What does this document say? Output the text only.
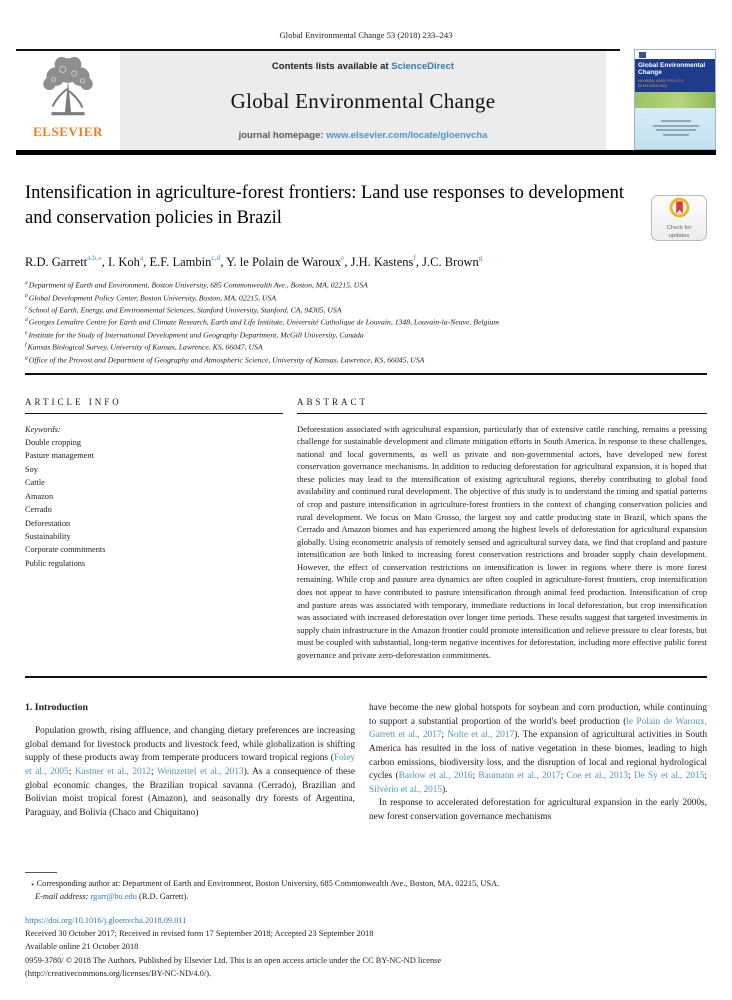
Global Environmental Change 53 (2018) 233–243
ELSEVIER
Contents lists available at ScienceDirect
Global Environmental Change
journal homepage: www.elsevier.com/locate/gloenvcha
Global Environmental Change
HUMAN AND POLICY DIMENSIONS
Intensification in agriculture-forest frontiers: Land use responses to development and conservation policies in Brazil
Check for
updates
R.D. Garrett$^{a,b,⁎}$, I. Koh$^a$, E.F. Lambin$^{c,d}$, Y. le Polain de Waroux$^e$, J.H. Kastens$^f$, J.C. Brown$^g$
$^a$Department of Earth and Environment, Boston University, 685 Commonwealth Ave., Boston, MA, 02215, USA
$^b$Global Development Policy Center, Boston University, Boston, MA, 02215, USA
$^c$School of Earth, Energy, and Environmental Sciences, Stanford University, Stanford, CA, 94305, USA
$^d$Georges Lemaître Centre for Earth and Climate Research, Earth and Life Institute, Université Catholique de Louvain, 1348, Louvain-la-Neuve, Belgium
$^e$Institute for the Study of International Development and Geography Department, McGill University, Canada
$^f$Kansas Biological Survey, University of Kansas, Lawrence, KS, 66047, USA
$^g$Office of the Provost and Department of Geography and Atmospheric Science, University of Kansas, Lawrence, KS, 66045, USA
ARTICLE INFO
Keywords:
Double cropping
Pasture management
Soy
Cattle
Amazon
Cerrado
Deforestation
Sustainability
Corporate commitments
Public regulations
ABSTRACT
Deforestation associated with agricultural expansion, particularly that of extensive cattle ranching, remains a pressing challenge for sustainable development and climate mitigation efforts in South America. In response to these challenges, national and local governments, as well as private and non-governmental actors, have developed new forest conservation governance mechanisms. In addition to reducing deforestation for agricultural expansion, it is hoped that these policies may lead to the intensification of existing agricultural regions, thereby contributing to global food availability and continued rural development. The objective of this study is to understand the timing and spatial patterns of crop and pasture intensification in agriculture-forest frontiers in the context of changing conservation policies and rural development. We focus on Mato Grosso, the largest soy and cattle producing state in Brazil, which spans the Cerrado and Amazon biomes and has experienced among the highest levels of deforestation for agricultural expansion globally. Using econometric analysis of remotely sensed and agricultural survey data, we find that cropland and pasture intensification are both linked to increasing forest conservation restrictions and broader supply chain development. However, the effect of conservation restrictions on intensification is lower in regions where there is more forest remaining. While crop and pasture area dynamics are often coupled in agriculture-forest frontiers, crop intensification does not appear to have contributed to pasture intensification through animal feed production. Intensification of crop and pasture areas was associated with temporary, immediate reductions in local deforestation, but crop intensification was associated with increased deforestation over longer time periods. These results suggest that targeted investments in supply chain infrastructure in the Amazon frontier could promote intensification and relieve pressure to clear forests, but must be coupled with substantial, long-term negative incentives for deforestation, including more effective public forest governance and private zero-deforestation commitments.
1. Introduction

Population growth, rising affluence, and changing dietary preferences are increasing global demand for livestock products and livestock feed, while globalization is shifting supply of these products away from temperate producers toward tropical regions (Foley et al., 2005; Kastner et al., 2012; Weinzettel et al., 2013). As a consequence of these global economic changes, the Brazilian tropical savanna (Cerrado), Brazilian and Bolivian moist tropical forest (Amazon), and seasonally dry forests of Argentina, Paraguay, and Bolivia (Chaco and Chiquitano)

have become the new global hotspots for soybean and corn production, while continuing to support a substantial proportion of the world's beef production (le Polain de Waroux, Garrett et al., 2017; Nolte et al., 2017). The expansion of agricultural activities in South America has resulted in the loss of native vegetation in these biomes, leading to high carbon emissions, biodiversity loss, and the disruption of local and regional hydrological cycles (Barlow et al., 2016; Baumann et al., 2017; Coe et al., 2013; De Sy et al., 2015; Silvério et al., 2015).

In response to accelerated deforestation for agricultural expansion in the early 2000s, new forest conservation governance mechanisms

⁎ Corresponding author at: Department of Earth and Environment, Boston University, 685 Commonwealth Ave., Boston, MA, 02215, USA.
E-mail address: rgarr@bu.edu (R.D. Garrett).
https://doi.org/10.1016/j.gloenvcha.2018.09.011
Received 30 October 2017; Received in revised form 17 September 2018; Accepted 23 September 2018
Available online 21 October 2018
0959-3780/ © 2018 The Authors. Published by Elsevier Ltd. This is an open access article under the CC BY-NC-ND license
(http://creativecommons.org/licenses/BY-NC-ND/4.0/).
